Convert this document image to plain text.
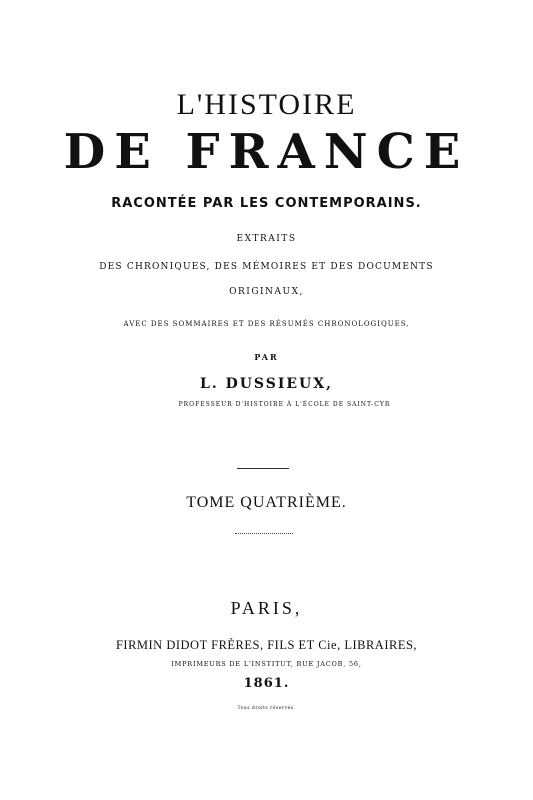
L'HISTOIRE
DE FRANCE
RACONTÉE PAR LES CONTEMPORAINS.
EXTRAITS
DES CHRONIQUES, DES MÉMOIRES ET DES DOCUMENTS
ORIGINAUX,
AVEC DES SOMMAIRES ET DES RÉSUMÉS CHRONOLOGIQUES,
PAR
L. DUSSIEUX,
PROFESSEUR D'HISTOIRE À L'ÉCOLE DE SAINT-CYR
TOME QUATRIÈME.
PARIS,
FIRMIN DIDOT FRÈRES, FILS ET Cie, LIBRAIRES,
IMPRIMEURS DE L'INSTITUT, RUE JACOB, 56,
1861.
Tous droits réservés.
